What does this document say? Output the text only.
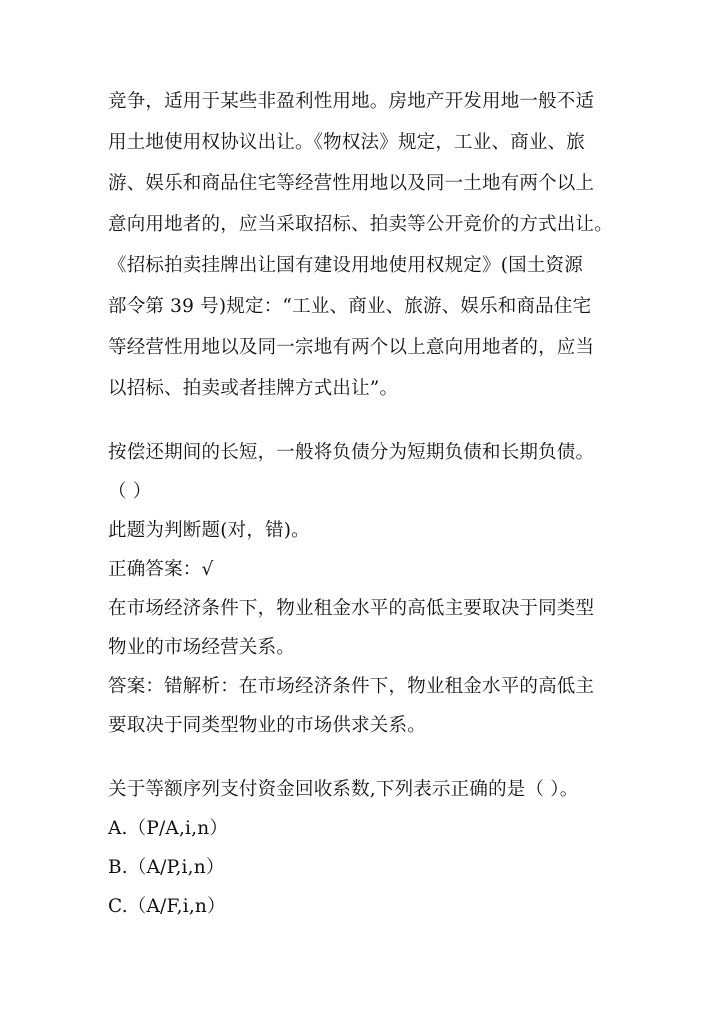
竞争，适用于某些非盈利性用地。房地产开发用地一般不适
用土地使用权协议出让。《物权法》规定，工业、商业、旅
游、娱乐和商品住宅等经营性用地以及同一土地有两个以上
意向用地者的，应当采取招标、拍卖等公开竞价的方式出让。
《招标拍卖挂牌出让国有建设用地使用权规定》(国土资源
部令第 39 号)规定：“工业、商业、旅游、娱乐和商品住宅
等经营性用地以及同一宗地有两个以上意向用地者的，应当
以招标、拍卖或者挂牌方式出让”。
按偿还期间的长短，一般将负债分为短期负债和长期负债。
（ ）
此题为判断题(对，错)。
正确答案：√
在市场经济条件下，物业租金水平的高低主要取决于同类型
物业的市场经营关系。
答案：错解析：在市场经济条件下，物业租金水平的高低主
要取决于同类型物业的市场供求关系。
关于等额序列支付资金回收系数,下列表示正确的是（ ）。
A.（P/A,i,n）
B.（A/P,i,n）
C.（A/F,i,n）
